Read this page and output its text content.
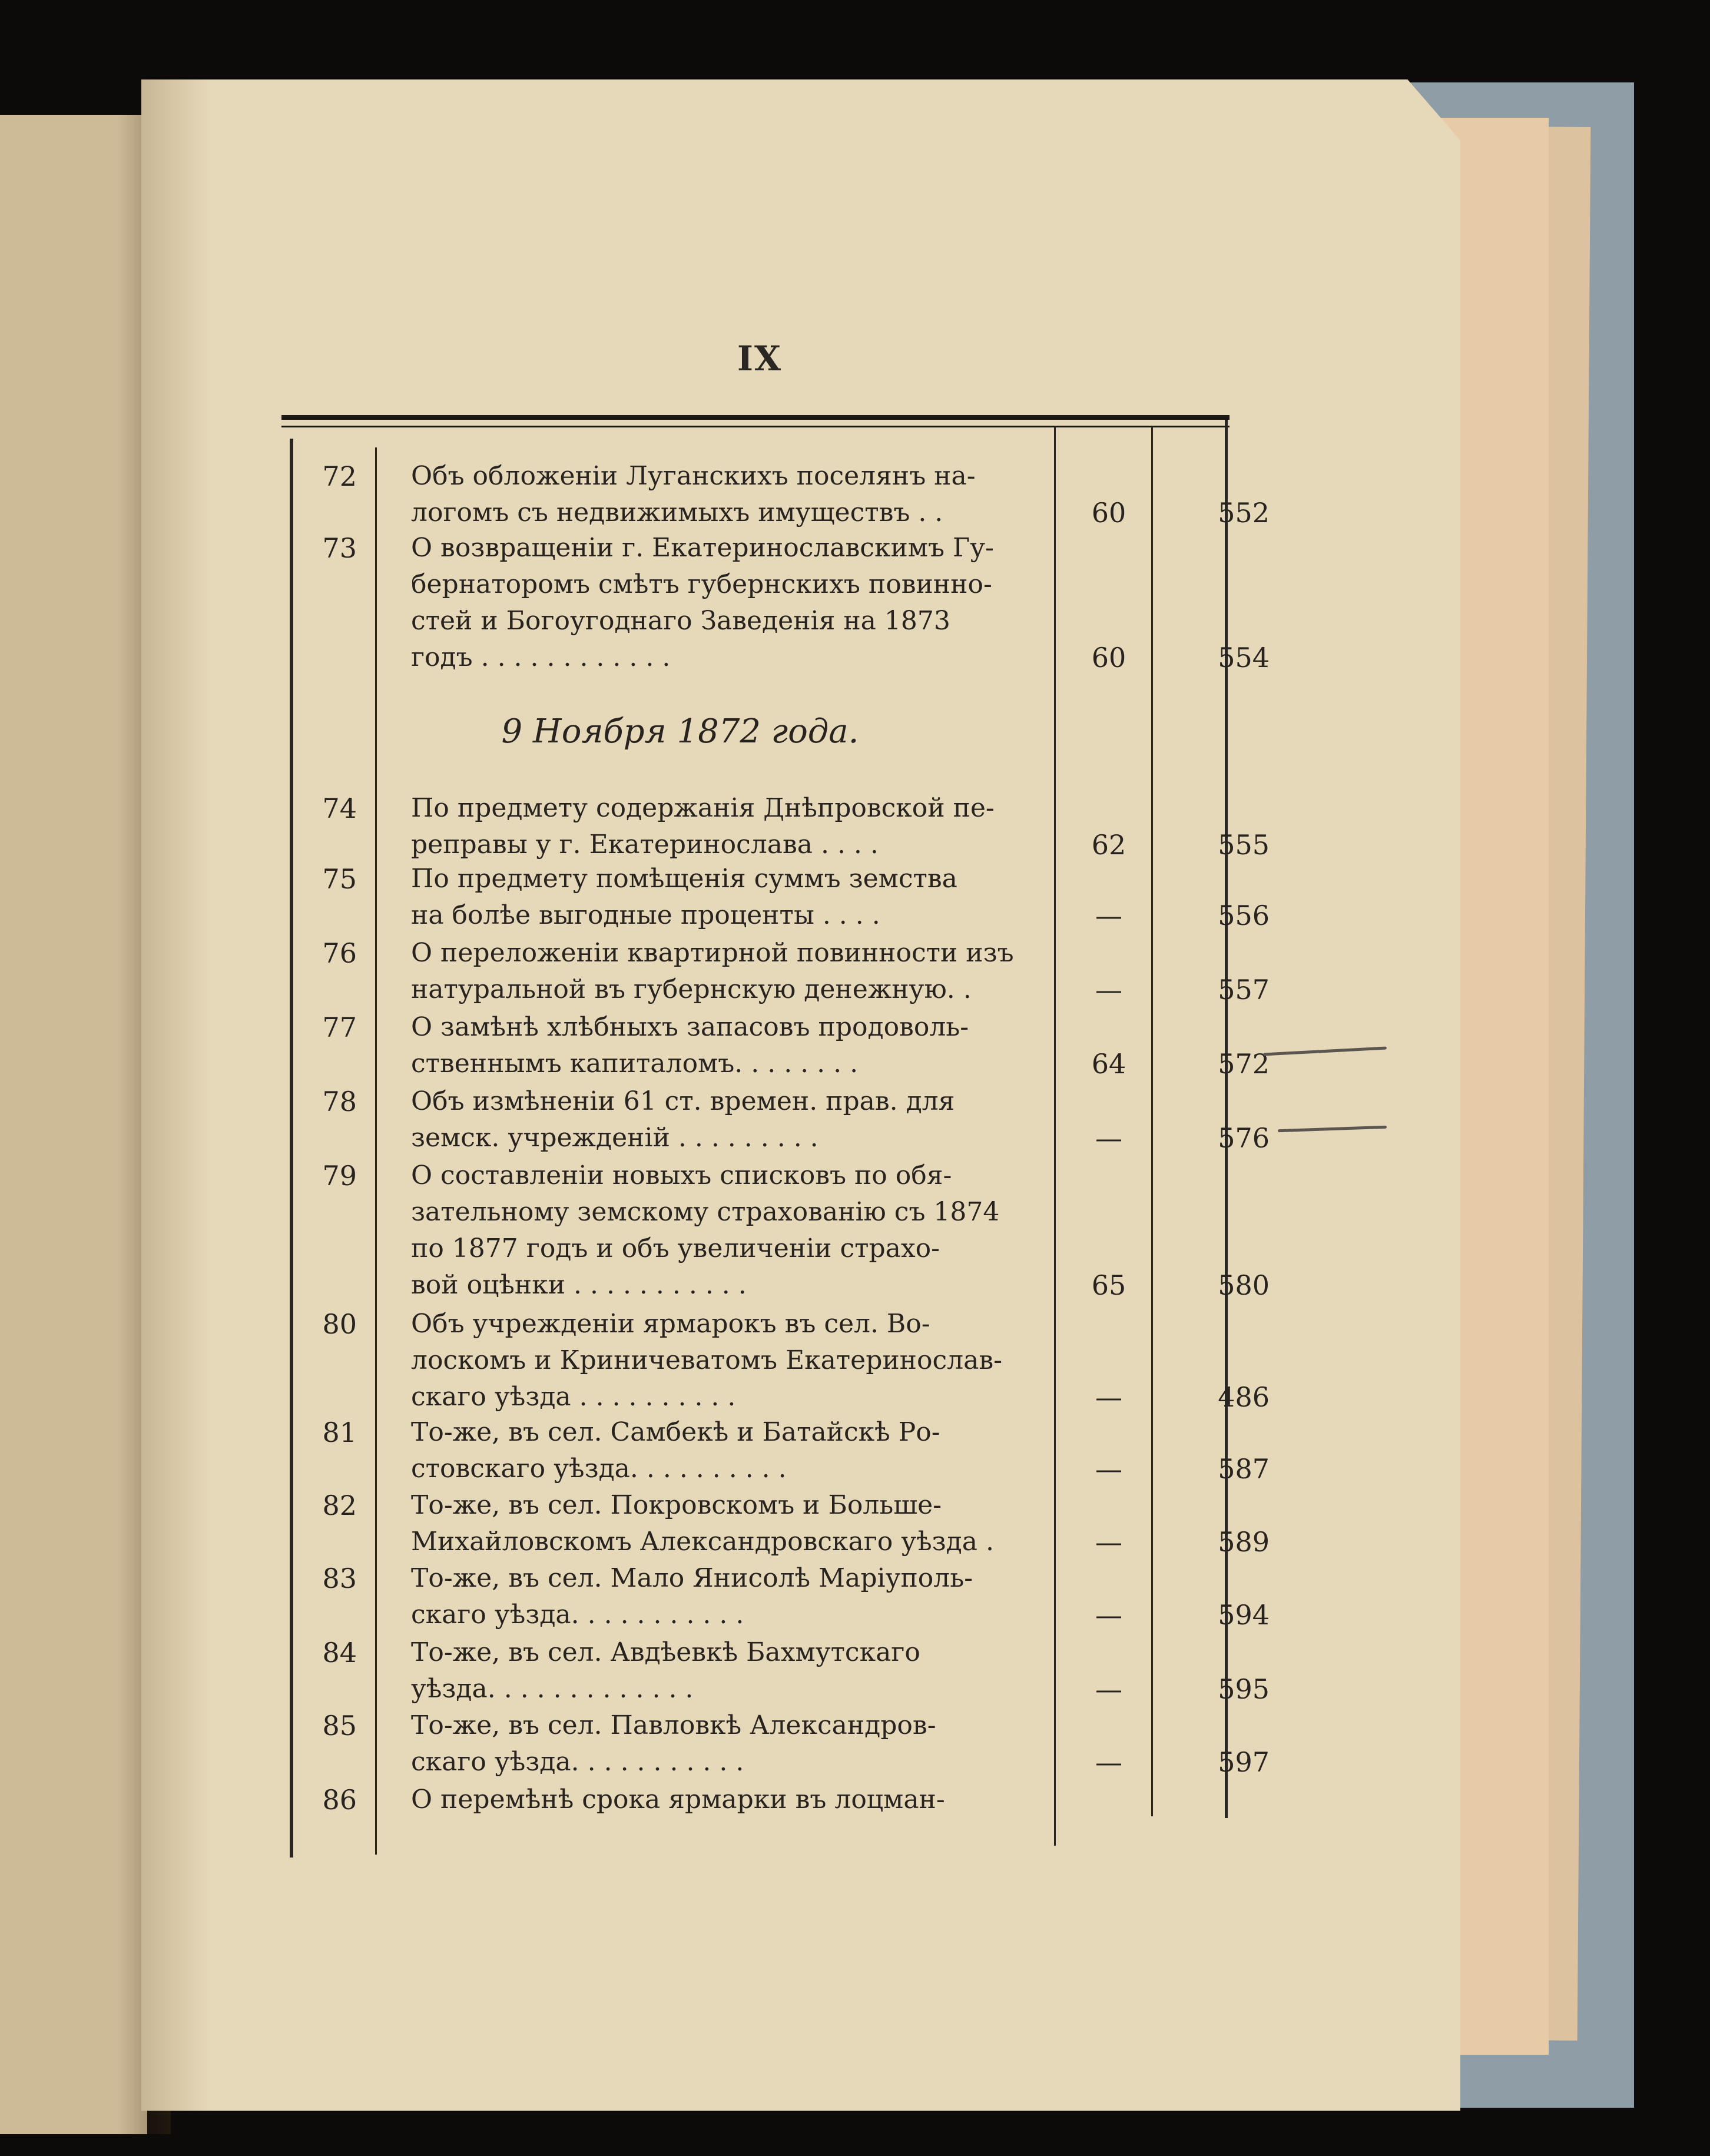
IX
9 Ноября 1872 года.
72 Объ обложеніи Луганскихъ поселянъ на-
логомъ съ недвижимыхъ имуществъ . .	60	552
73 О возвращеніи г. Екатеринославскимъ Гу-
бернаторомъ смѣтъ губернскихъ повинно-
стей и Богоугоднаго Заведенія на 1873
годъ . . . . . . . . . . . .	60	554
74 По предмету содержанія Днѣпровской пе-
реправы у г. Екатеринослава . . . .	62	555
75 По предмету помѣщенія суммъ земства
на болѣе выгодные проценты . . . .	—	556
76 О переложеніи квартирной повинности изъ
натуральной въ губернскую денежную. .	—	557
77 О замѣнѣ хлѣбныхъ запасовъ продоволь-
ственнымъ капиталомъ. . . . . . . .	64	572
78 Объ измѣненіи 61 ст. времен. прав. для
земск. учрежденій . . . . . . . . .	—	576
79 О составленіи новыхъ списковъ по обя-
зательному земскому страхованію съ 1874
по 1877 годъ и объ увеличеніи страхо-
вой оцѣнки . . . . . . . . . . .	65	580
80 Объ учрежденіи ярмарокъ въ сел. Во-
лоскомъ и Криничеватомъ Екатеринослав-
скаго уѣзда . . . . . . . . . .	—	486
81 То-же, въ сел. Самбекѣ и Батайскѣ Ро-
стовскаго уѣзда. . . . . . . . . .	—	587
82 То-же, въ сел. Покровскомъ и Больше-
Михайловскомъ Александровскаго уѣзда .	—	589
83 То-же, въ сел. Мало Янисолѣ Маріуполь-
скаго уѣзда. . . . . . . . . . .	—	594
84 То-же, въ сел. Авдѣевкѣ Бахмутскаго
уѣзда. . . . . . . . . . . . .	—	595
85 То-же, въ сел. Павловкѣ Александров-
скаго уѣзда. . . . . . . . . . .	—	597
86 О перемѣнѣ срока ярмарки въ лоцман-
